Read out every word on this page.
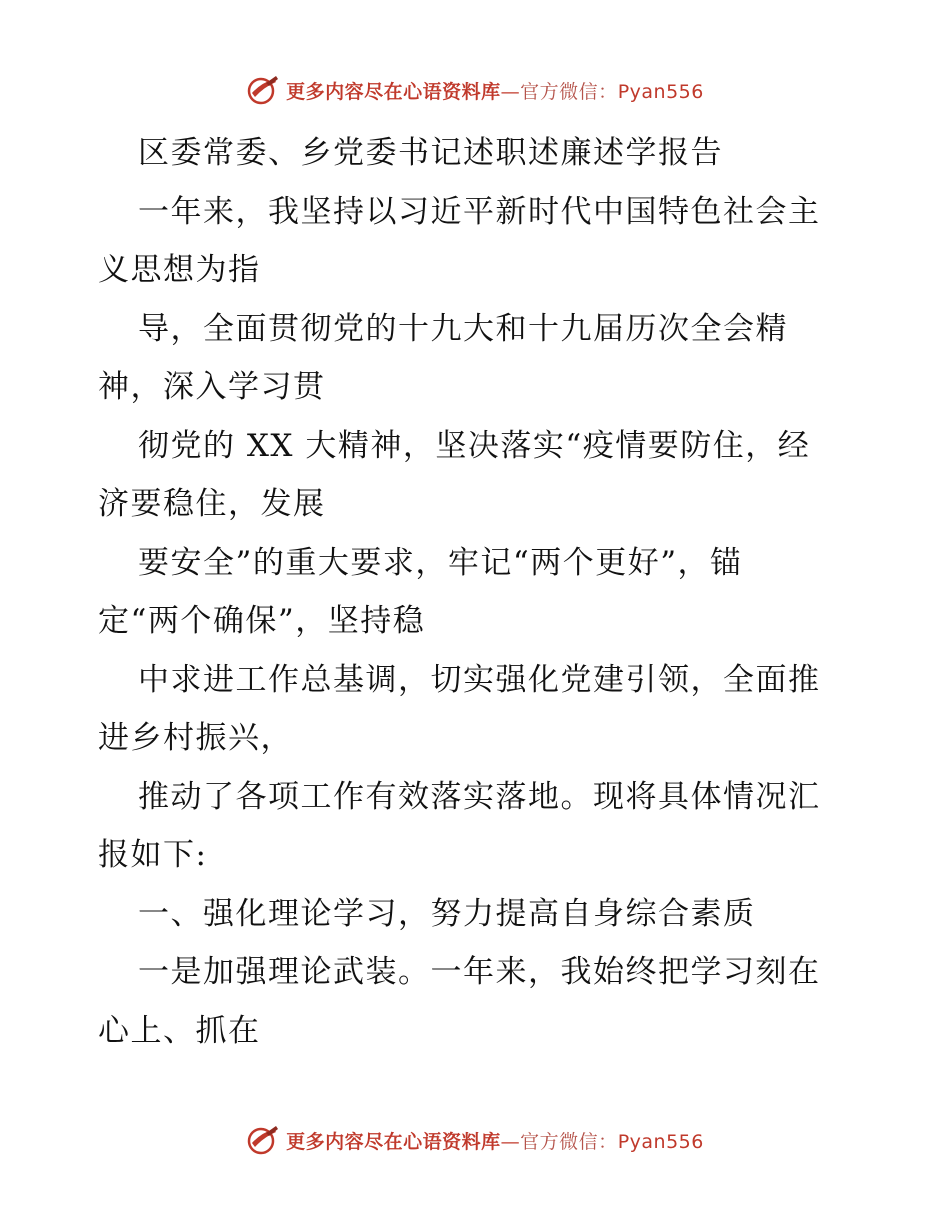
更多内容尽在心语资料库—官方微信：Pyan556
区委常委、乡党委书记述职述廉述学报告
一年来，我坚持以习近平新时代中国特色社会主
义思想为指
导，全面贯彻党的十九大和十九届历次全会精
神，深入学习贯
彻党的 XX 大精神，坚决落实“疫情要防住，经
济要稳住，发展
要安全”的重大要求，牢记“两个更好”，锚
定“两个确保”，坚持稳
中求进工作总基调，切实强化党建引领，全面推
进乡村振兴，
推动了各项工作有效落实落地。现将具体情况汇
报如下:
一、强化理论学习，努力提高自身综合素质
一是加强理论武装。一年来，我始终把学习刻在
心上、抓在
更多内容尽在心语资料库—官方微信：Pyan556
